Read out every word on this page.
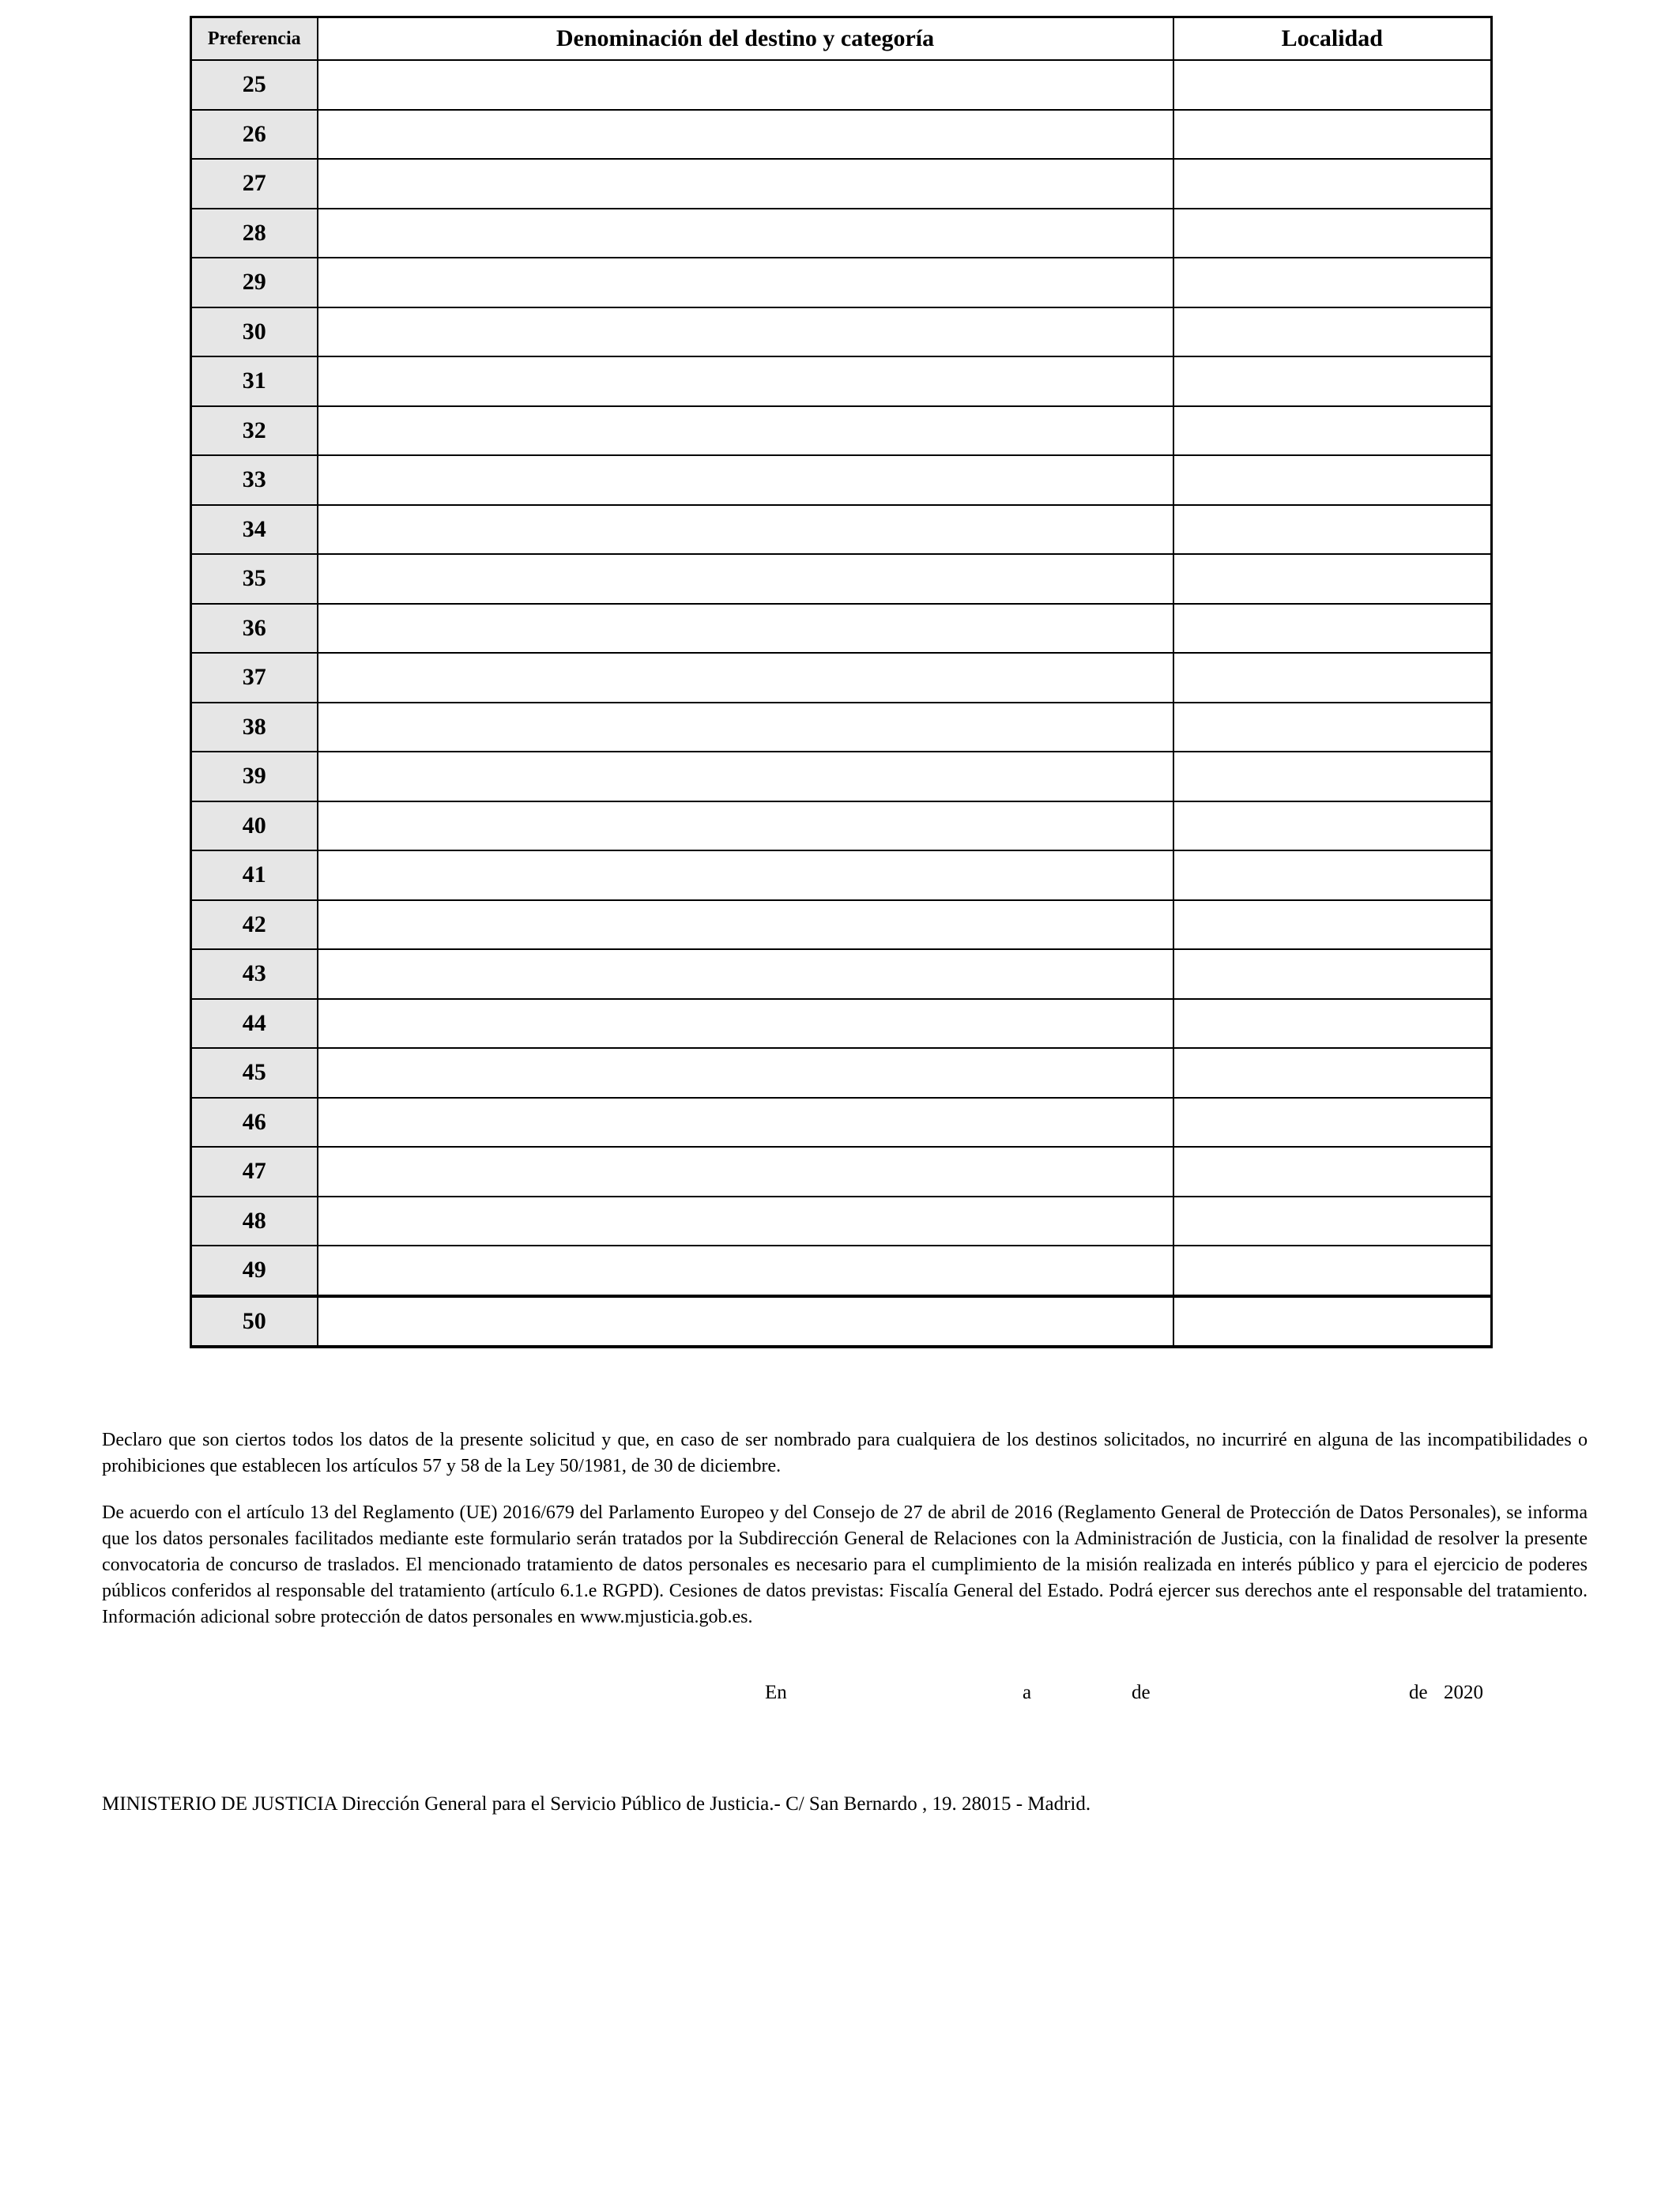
Preferencia	Denominación del destino y categoría	Localidad
25		
26		
27		
28		
29		
30		
31		
32		
33		
34		
35		
36		
37		
38		
39		
40		
41		
42		
43		
44		
45		
46		
47		
48		
49		
50		

Declaro que son ciertos todos los datos de la presente solicitud y que, en caso de ser nombrado para cualquiera de los destinos solicitados, no incurriré en alguna de las incompatibilidades o prohibiciones que establecen los artículos 57 y 58 de la Ley 50/1981, de 30 de diciembre.

De acuerdo con el artículo 13 del Reglamento (UE) 2016/679 del Parlamento Europeo y del Consejo de 27 de abril de 2016 (Reglamento General de Protección de Datos Personales), se informa que los datos personales facilitados mediante este formulario serán tratados por la Subdirección General de Relaciones con la Administración de Justicia, con la finalidad de resolver la presente convocatoria de concurso de traslados. El mencionado tratamiento de datos personales es necesario para el cumplimiento de la misión realizada en interés público y para el ejercicio de poderes públicos conferidos al responsable del tratamiento (artículo 6.1.e RGPD). Cesiones de datos previstas: Fiscalía General del Estado. Podrá ejercer sus derechos ante el responsable del tratamiento. Información adicional sobre protección de datos personales en www.mjusticia.gob.es.

En	a	de	de 2020

MINISTERIO DE JUSTICIA Dirección General para el Servicio Público de Justicia.- C/ San Bernardo , 19. 28015 - Madrid.
